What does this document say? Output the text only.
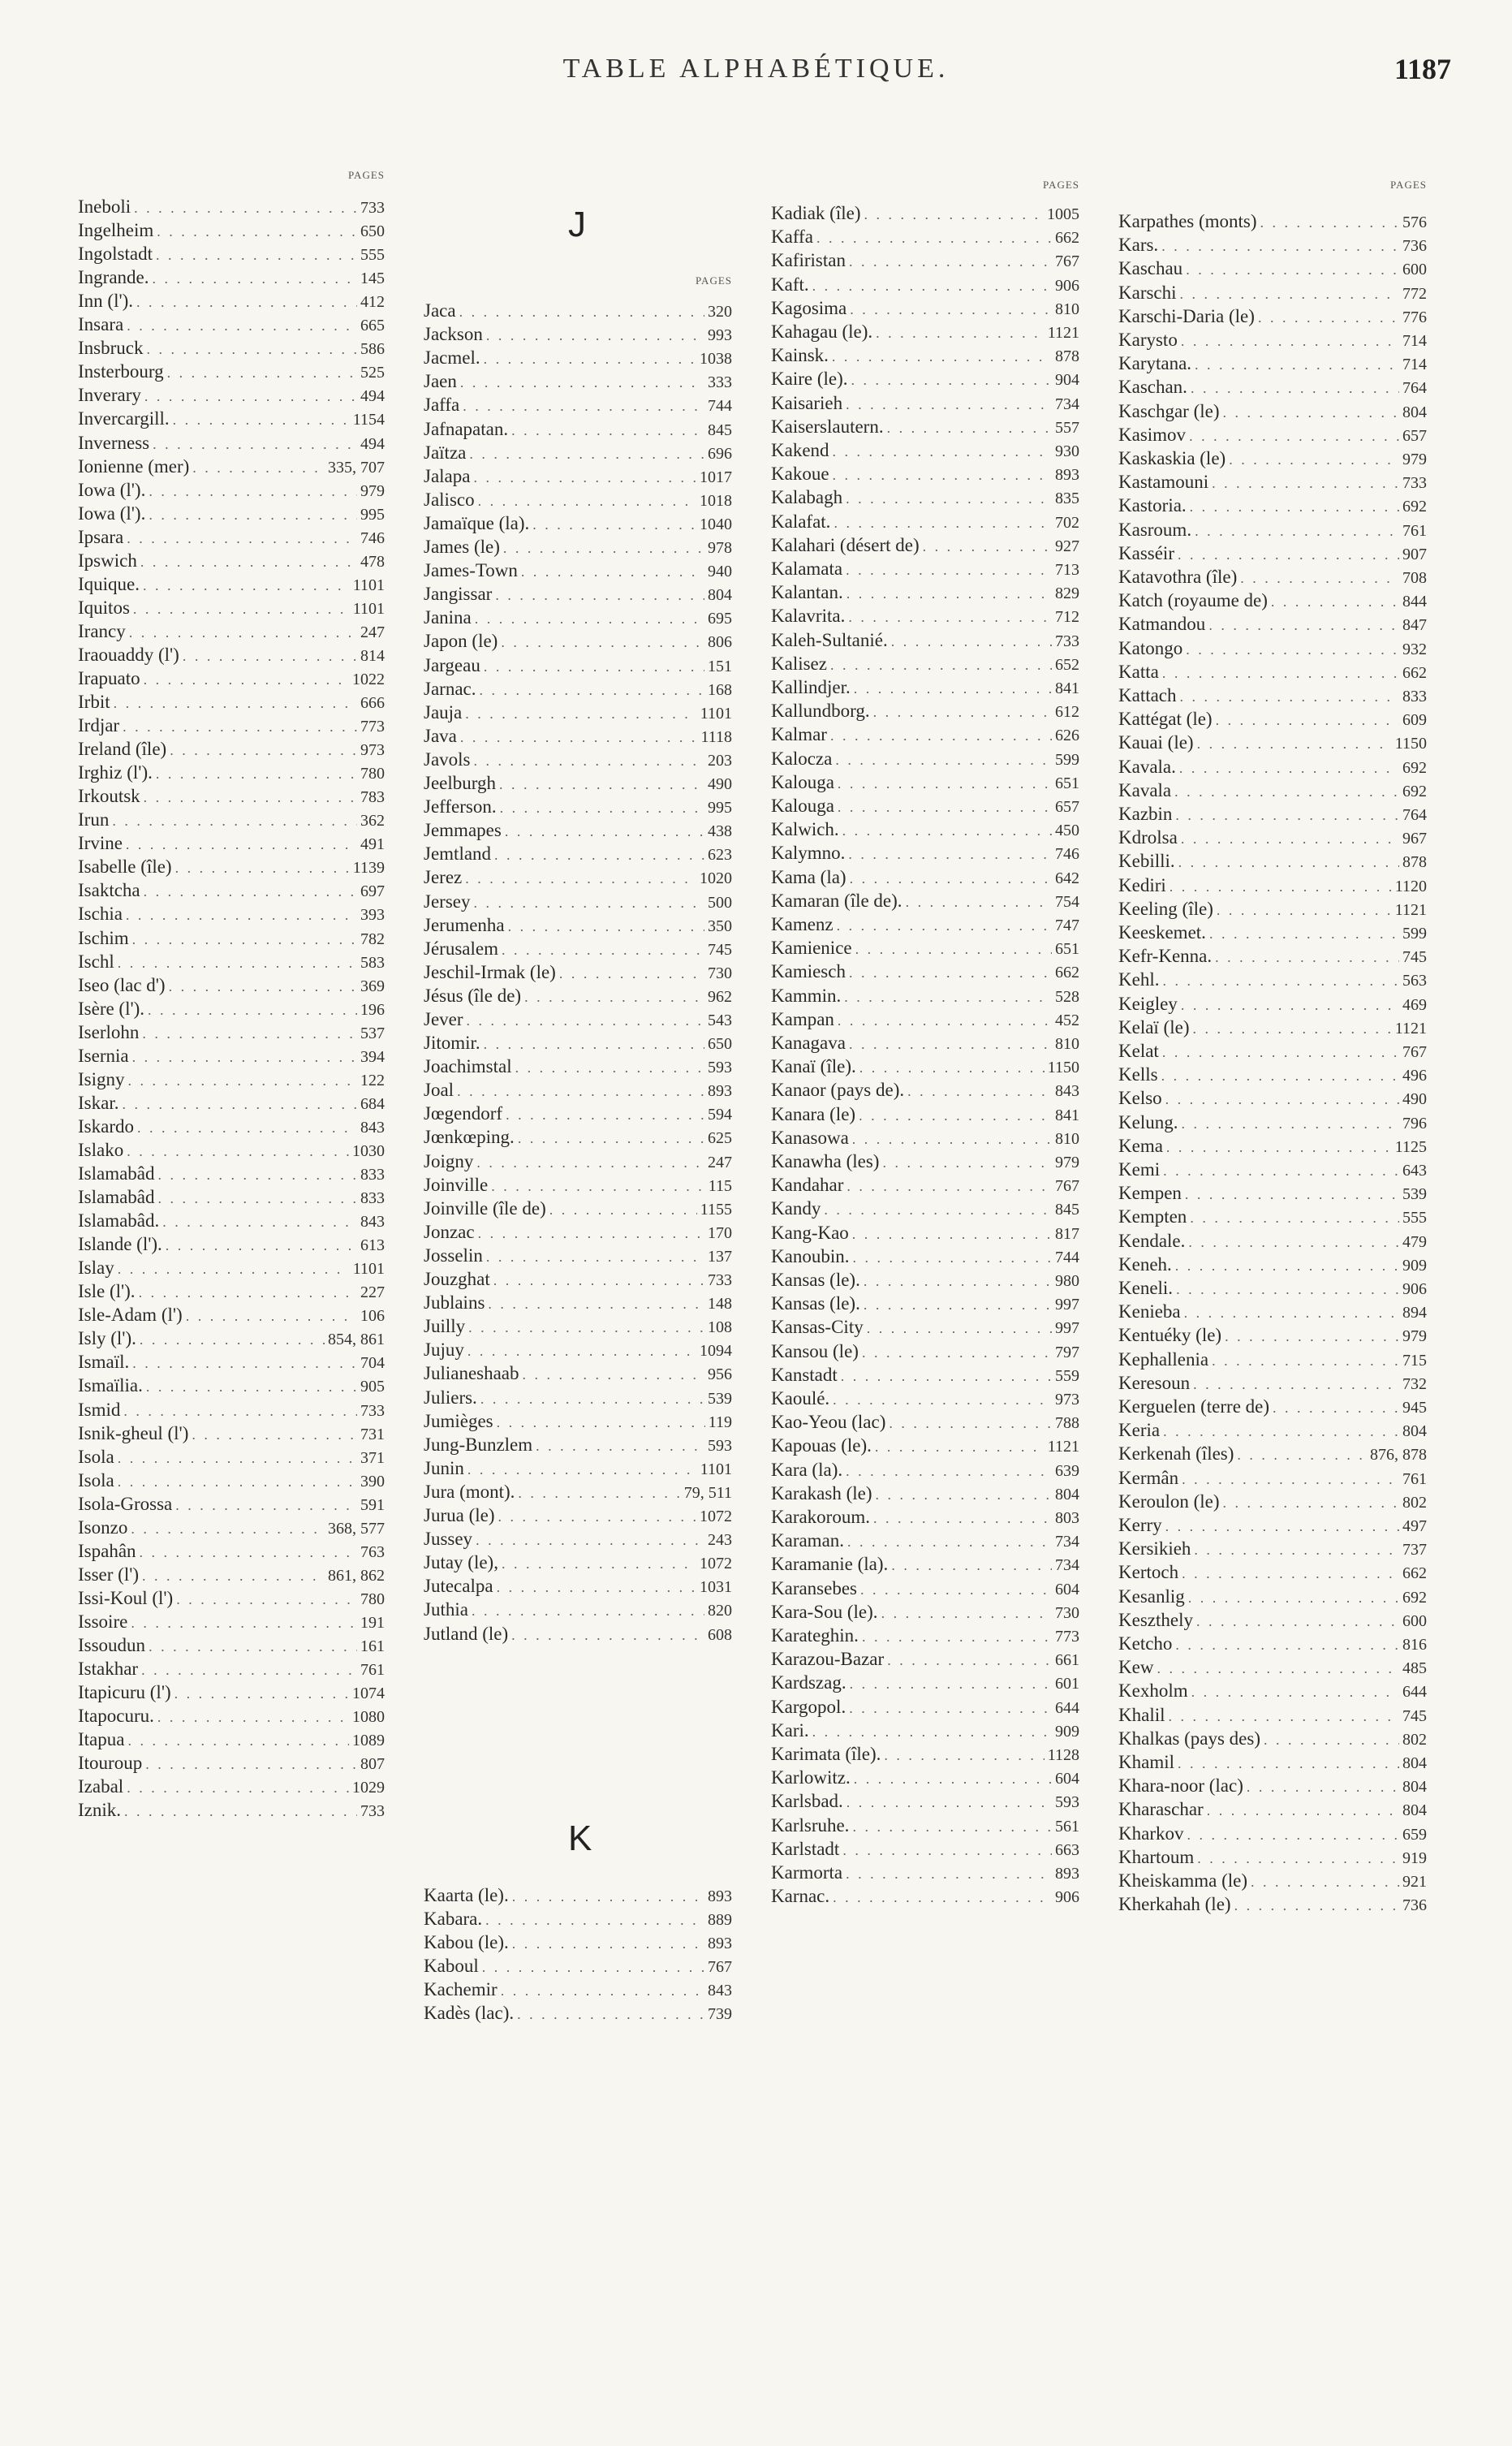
TABLE ALPHABÉTIQUE.	1187
PAGES
Ineboli . . .	733
Ingelheim . . .	650
Ingolstadt . . .	555
Ingrande. . . .	145
Inn (l'). . . .	412
Insara . . .	665
Insbruck . . .	586
Insterbourg . . .	525
Inverary . . .	494
Invercargill. . . .	1154
Inverness . . .	494
Ionienne (mer) . . .	335, 707
Iowa (l'). . . .	979
Iowa (l'). . . .	995
Ipsara . . .	746
Ipswich . . .	478
Iquique. . . .	1101
Iquitos . . .	1101
Irancy . . .	247
Iraouaddy (l') . . .	814
Irapuato . . .	1022
Irbit . . .	666
Irdjar . . .	773
Ireland (île) . . .	973
Irghiz (l'). . . .	780
Irkoutsk . . .	783
Irun . . .	362
Irvine . . .	491
Isabelle (île) . . .	1139
Isaktcha . . .	697
Ischia . . .	393
Ischim . . .	782
Ischl . . .	583
Iseo (lac d') . . .	369
Isère (l'). . . .	196
Iserlohn . . .	537
Isernia . . .	394
Isigny . . .	122
Iskar. . . .	684
Iskardo . . .	843
Islako . . .	1030
Islamabâd . . .	833
Islamabâd . . .	833
Islamabâd. . . .	843
Islande (l'). . . .	613
Islay . . .	1101
Isle (l'). . . .	227
Isle-Adam (l') . . .	106
Isly (l'). . . .	854, 861
Ismaïl. . . .	704
Ismaïlia. . . .	905
Ismid . . .	733
Isnik-gheul (l') . . .	731
Isola . . .	371
Isola . . .	390
Isola-Grossa . . .	591
Isonzo . . .	368, 577
Ispahân . . .	763
Isser (l') . . .	861, 862
Issi-Koul (l') . . .	780
Issoire . . .	191
Issoudun . . .	161
Istakhar . . .	761
Itapicuru (l') . . .	1074
Itapocuru. . . .	1080
Itapua . . .	1089
Itouroup . . .	807
Izabal . . .	1029
Iznik. . . .	733
PAGES
J
Jaca . . .	320
Jackson . . .	993
Jacmel. . . .	1038
Jaen . . .	333
Jaffa . . .	744
Jafnapatan. . . .	845
Jaïtza . . .	696
Jalapa . . .	1017
Jalisco . . .	1018
Jamaïque (la). . . .	1040
James (le) . . .	978
James-Town . . .	940
Jangissar . . .	804
Janina . . .	695
Japon (le) . . .	806
Jargeau . . .	151
Jarnac. . . .	168
Jauja . . .	1101
Java . . .	1118
Javols . . .	203
Jeelburgh . . .	490
Jefferson. . . .	995
Jemmapes . . .	438
Jemtland . . .	623
Jerez . . .	1020
Jersey . . .	500
Jerumenha . . .	350
Jérusalem . . .	745
Jeschil-Irmak (le) . . .	730
Jésus (île de) . . .	962
Jever . . .	543
Jitomir. . . .	650
Joachimstal . . .	593
Joal . . .	893
Jœgendorf . . .	594
Jœnkœping. . . .	625
Joigny . . .	247
Joinville . . .	115
Joinville (île de) . . .	1155
Jonzac . . .	170
Josselin . . .	137
Jouzghat . . .	733
Jublains . . .	148
Juilly . . .	108
Jujuy . . .	1094
Julianeshaab . . .	956
Juliers. . . .	539
Jumièges . . .	119
Jung-Bunzlem . . .	593
Junin . . .	1101
Jura (mont). . . .	79, 511
Jurua (le) . . .	1072
Jussey . . .	243
Jutay (le), . . .	1072
Jutecalpa . . .	1031
Juthia . . .	820
Jutland (le) . . .	608
K
Kaarta (le). . . .	893
Kabara. . . .	889
Kabou (le). . . .	893
Kaboul . . .	767
Kachemir . . .	843
Kadès (lac). . . .	739
PAGES
Kadiak (île) . . .	1005
Kaffa . . .	662
Kafiristan . . .	767
Kaft. . . .	906
Kagosima . . .	810
Kahagau (le). . . .	1121
Kainsk. . . .	878
Kaire (le). . . .	904
Kaisarieh . . .	734
Kaiserslautern. . . .	557
Kakend . . .	930
Kakoue . . .	893
Kalabagh . . .	835
Kalafat. . . .	702
Kalahari (désert de) . . .	927
Kalamata . . .	713
Kalantan. . . .	829
Kalavrita. . . .	712
Kaleh-Sultanié. . . .	733
Kalisez . . .	652
Kallindjer. . . .	841
Kallundborg. . . .	612
Kalmar . . .	626
Kalocza . . .	599
Kalouga . . .	651
Kalouga . . .	657
Kalwich. . . .	450
Kalymno. . . .	746
Kama (la) . . .	642
Kamaran (île de). . . .	754
Kamenz . . .	747
Kamienice . . .	651
Kamiesch . . .	662
Kammin. . . .	528
Kampan . . .	452
Kanagava . . .	810
Kanaï (île). . . .	1150
Kanaor (pays de). . . .	843
Kanara (le) . . .	841
Kanasowa . . .	810
Kanawha (les) . . .	979
Kandahar . . .	767
Kandy . . .	845
Kang-Kao . . .	817
Kanoubin. . . .	744
Kansas (le). . . .	980
Kansas (le). . . .	997
Kansas-City . . .	997
Kansou (le) . . .	797
Kanstadt . . .	559
Kaoulé. . . .	973
Kao-Yeou (lac) . . .	788
Kapouas (le). . . .	1121
Kara (la). . . .	639
Karakash (le) . . .	804
Karakoroum. . . .	803
Karaman. . . .	734
Karamanie (la). . . .	734
Karansebes . . .	604
Kara-Sou (le). . . .	730
Karateghin. . . .	773
Karazou-Bazar . . .	661
Kardszag. . . .	601
Kargopol. . . .	644
Kari. . . .	909
Karimata (île). . . .	1128
Karlowitz. . . .	604
Karlsbad. . . .	593
Karlsruhe. . . .	561
Karlstadt . . .	663
Karmorta . . .	893
Karnac. . . .	906
PAGES
Karpathes (monts) . . .	576
Kars. . . .	736
Kaschau . . .	600
Karschi . . .	772
Karschi-Daria (le) . . .	776
Karysto . . .	714
Karytana. . . .	714
Kaschan. . . .	764
Kaschgar (le) . . .	804
Kasimov . . .	657
Kaskaskia (le) . . .	979
Kastamouni . . .	733
Kastoria. . . .	692
Kasroum. . . .	761
Kasséir . . .	907
Katavothra (île) . . .	708
Katch (royaume de) . . .	844
Katmandou . . .	847
Katongo . . .	932
Katta . . .	662
Kattach . . .	833
Kattégat (le) . . .	609
Kauai (le) . . .	1150
Kavala. . . .	692
Kavala . . .	692
Kazbin . . .	764
Kdrolsa . . .	967
Kebilli. . . .	878
Kediri . . .	1120
Keeling (île) . . .	1121
Keeskemet. . . .	599
Kefr-Kenna. . . .	745
Kehl. . . .	563
Keigley . . .	469
Kelaï (le) . . .	1121
Kelat . . .	767
Kells . . .	496
Kelso . . .	490
Kelung. . . .	796
Kema . . .	1125
Kemi . . .	643
Kempen . . .	539
Kempten . . .	555
Kendale. . . .	479
Keneh. . . .	909
Keneli. . . .	906
Kenieba . . .	894
Kentuéky (le) . . .	979
Kephallenia . . .	715
Keresoun . . .	732
Kerguelen (terre de) . . .	945
Keria . . .	804
Kerkenah (îles) . . .	876, 878
Kermân . . .	761
Keroulon (le) . . .	802
Kerry . . .	497
Kersikieh . . .	737
Kertoch . . .	662
Kesanlig . . .	692
Keszthely . . .	600
Ketcho . . .	816
Kew . . .	485
Kexholm . . .	644
Khalil . . .	745
Khalkas (pays des) . . .	802
Khamil . . .	804
Khara-noor (lac) . . .	804
Kharaschar . . .	804
Kharkov . . .	659
Khartoum . . .	919
Kheiskamma (le) . . .	921
Kherkahah (le) . . .	736
